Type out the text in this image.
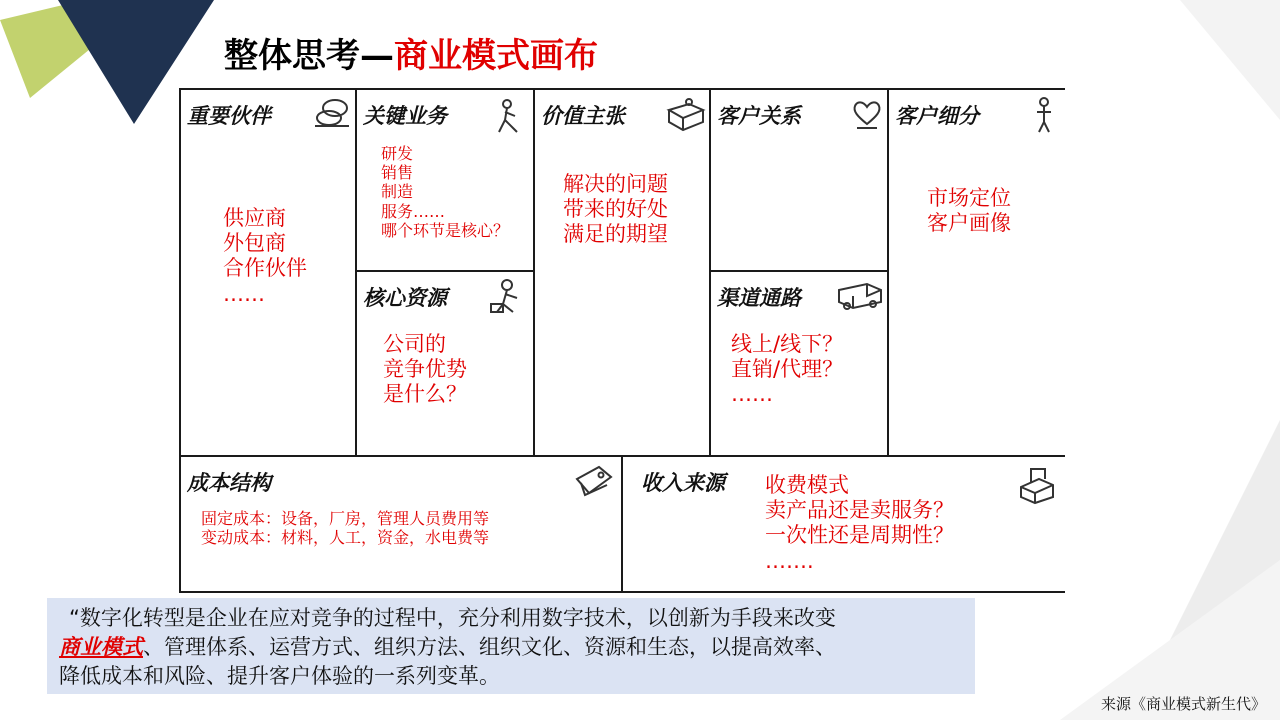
整体思考—商业模式画布
重要伙伴
供应商
外包商
合作伙伴
……
关键业务
研发
销售
制造
服务……
哪个环节是核心？
核心资源
公司的
竞争优势
是什么？
价值主张
解决的问题
带来的好处
满足的期望
客户关系
渠道通路
线上/线下？
直销/代理？
……
客户细分
市场定位
客户画像
成本结构
固定成本：设备，厂房，管理人员费用等
变动成本：材料，人工，资金，水电费等
收入来源 收费模式
卖产品还是卖服务？
一次性还是周期性？
…….
“数字化转型是企业在应对竞争的过程中，充分利用数字技术，以创新为手段来改变
商业模式、管理体系、运营方式、组织方法、组织文化、资源和生态，以提高效率、
降低成本和风险、提升客户体验的一系列变革。
来源《商业模式新生代》
